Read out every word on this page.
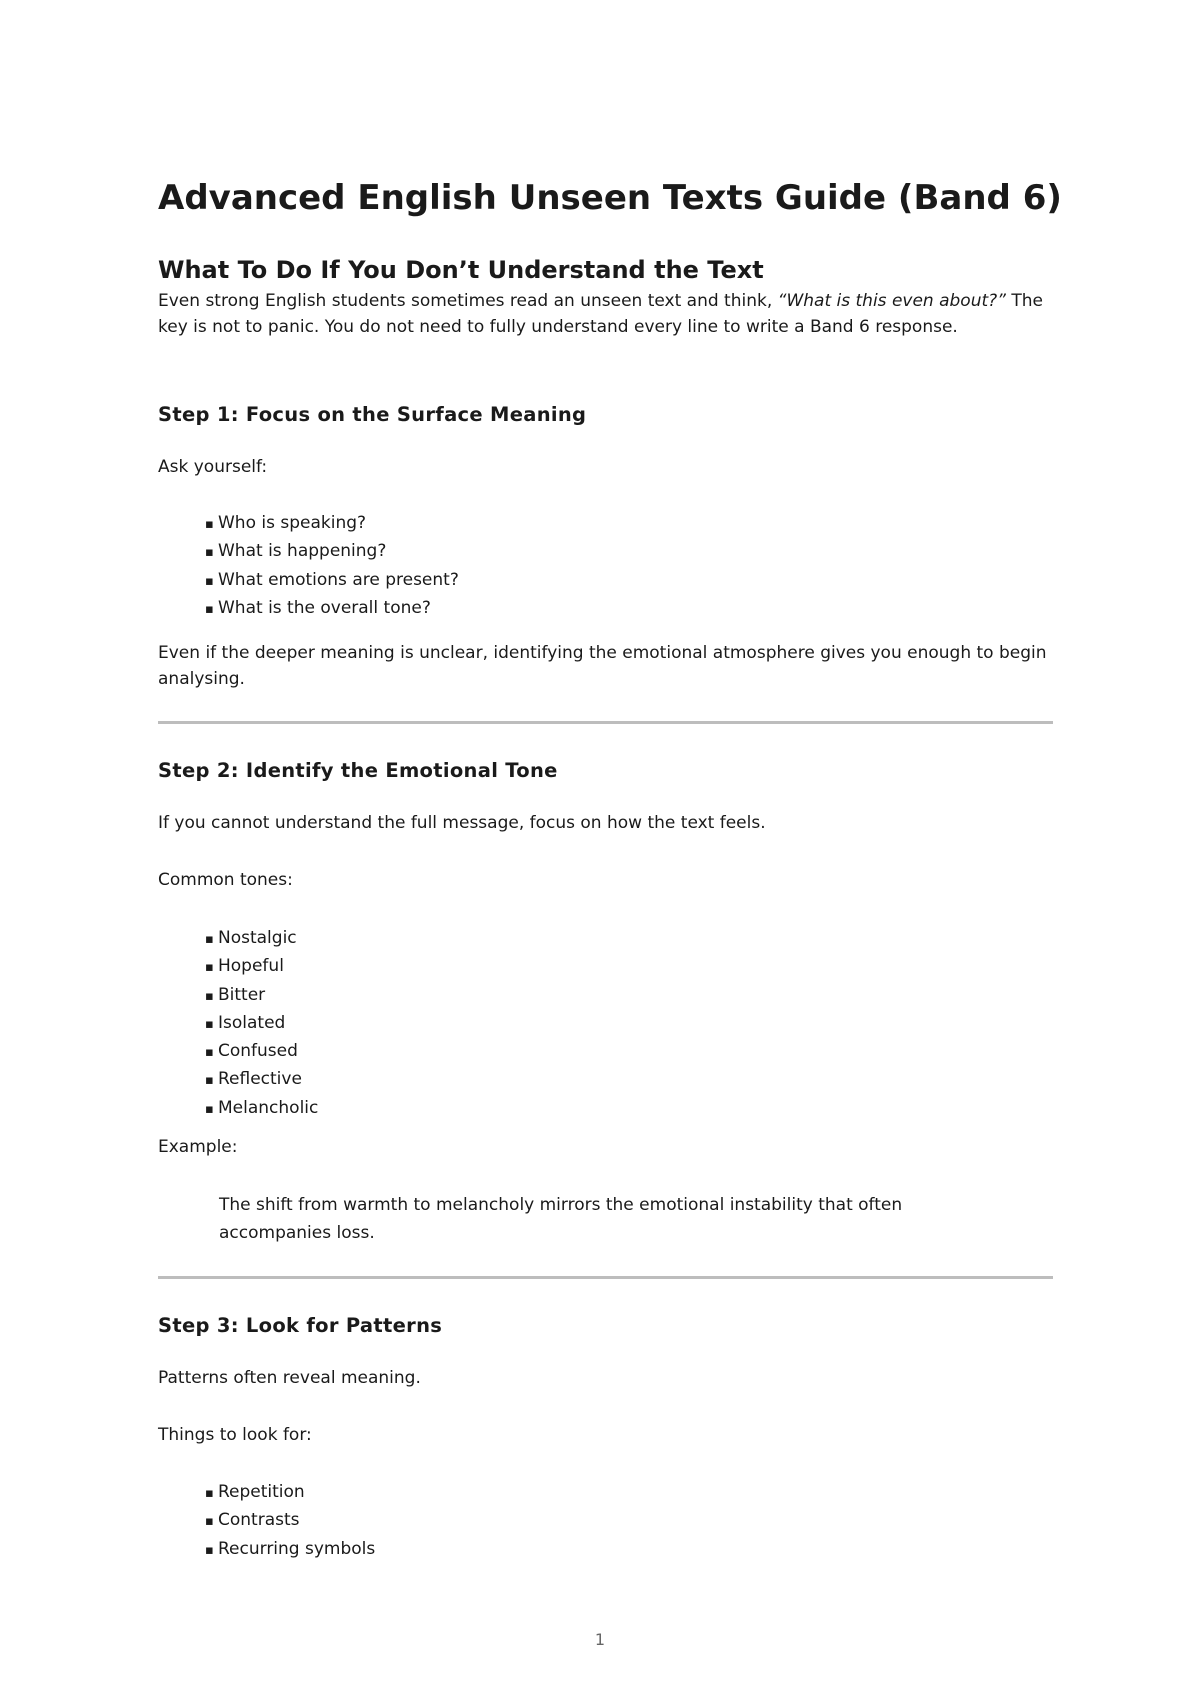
Advanced English Unseen Texts Guide (Band 6)
What To Do If You Don’t Understand the Text

Even strong English students sometimes read an unseen text and think, “What is this even about?” The key is not to panic. You do not need to fully understand every line to write a Band 6 response.

Step 1: Focus on the Surface Meaning

Ask yourself:

▪ Who is speaking?
▪ What is happening?
▪ What emotions are present?
▪ What is the overall tone?

Even if the deeper meaning is unclear, identifying the emotional atmosphere gives you enough to begin analysing.

Step 2: Identify the Emotional Tone

If you cannot understand the full message, focus on how the text feels.

Common tones:

▪ Nostalgic
▪ Hopeful
▪ Bitter
▪ Isolated
▪ Confused
▪ Reflective
▪ Melancholic

Example:

The shift from warmth to melancholy mirrors the emotional instability that often accompanies loss.

Step 3: Look for Patterns

Patterns often reveal meaning.

Things to look for:

▪ Repetition
▪ Contrasts
▪ Recurring symbols
1
